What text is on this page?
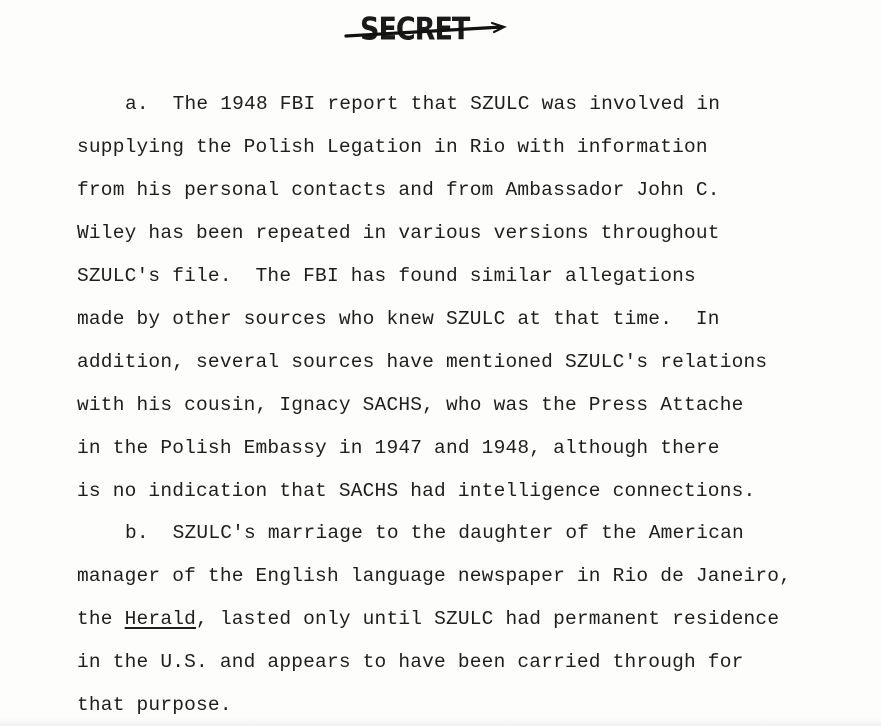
SECRET
a. The 1948 FBI report that SZULC was involved in
supplying the Polish Legation in Rio with information
from his personal contacts and from Ambassador John C.
Wiley has been repeated in various versions throughout
SZULC's file.  The FBI has found similar allegations
made by other sources who knew SZULC at that time.  In
addition, several sources have mentioned SZULC's relations
with his cousin, Ignacy SACHS, who was the Press Attache
in the Polish Embassy in 1947 and 1948, although there
is no indication that SACHS had intelligence connections.
b. SZULC's marriage to the daughter of the American
manager of the English language newspaper in Rio de Janeiro,
the Herald, lasted only until SZULC had permanent residence
in the U.S. and appears to have been carried through for
that purpose.
